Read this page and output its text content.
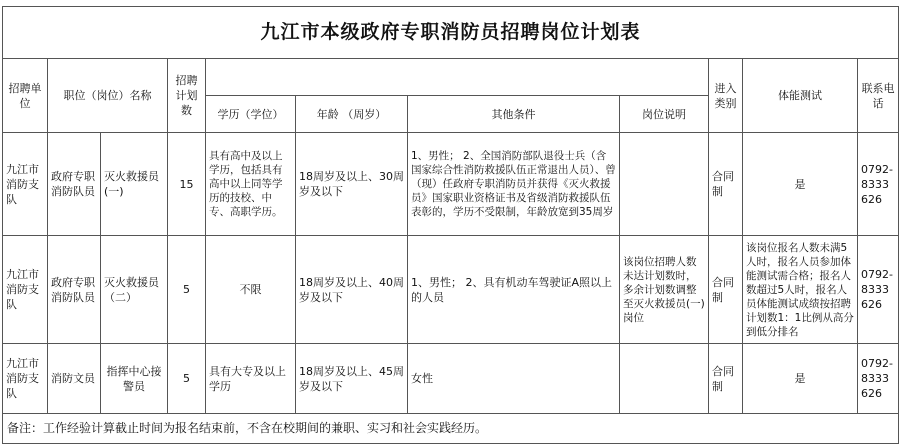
九江市本级政府专职消防员招聘岗位计划表										
招聘单位	职位（岗位）名称		招聘计划数					进入类别	体能测试	联系电话
				学历（学位）	年龄 （周岁）	其他条件	岗位说明			
九江市消防支队	政府专职消防队员	灭火救援员(一)	15	具有高中及以上学历，包括具有高中以上同等学历的技校、中专、高职学历。	18周岁及以上、30周岁及以下	1、男性； 2、全国消防部队退役士兵（含国家综合性消防救援队伍正常退出人员）、曾（现）任政府专职消防员并获得《灭火救援员》国家职业资格证书及省级消防救援队伍表彰的，学历不受限制，年龄放宽到35周岁		合同制	是	0792-8333626
九江市消防支队	政府专职消防队员	灭火救援员（二）	5	不限	18周岁及以上、40周岁及以下	1、男性； 2、具有机动车驾驶证A照以上的人员	该岗位招聘人数未达计划数时，多余计划数调整至灭火救援员(一)岗位	合同制	该岗位报名人数未满5人时，报名人员参加体能测试需合格；报名人数超过5人时，报名人员体能测试成绩按招聘计划数1：1比例从高分到低分排名	0792-8333626
九江市消防支队	消防文员	指挥中心接警员	5	具有大专及以上学历	18周岁及以上、45周岁及以下	女性		合同制	是	0792-8333626
备注：工作经验计算截止时间为报名结束前，不含在校期间的兼职、实习和社会实践经历。										
